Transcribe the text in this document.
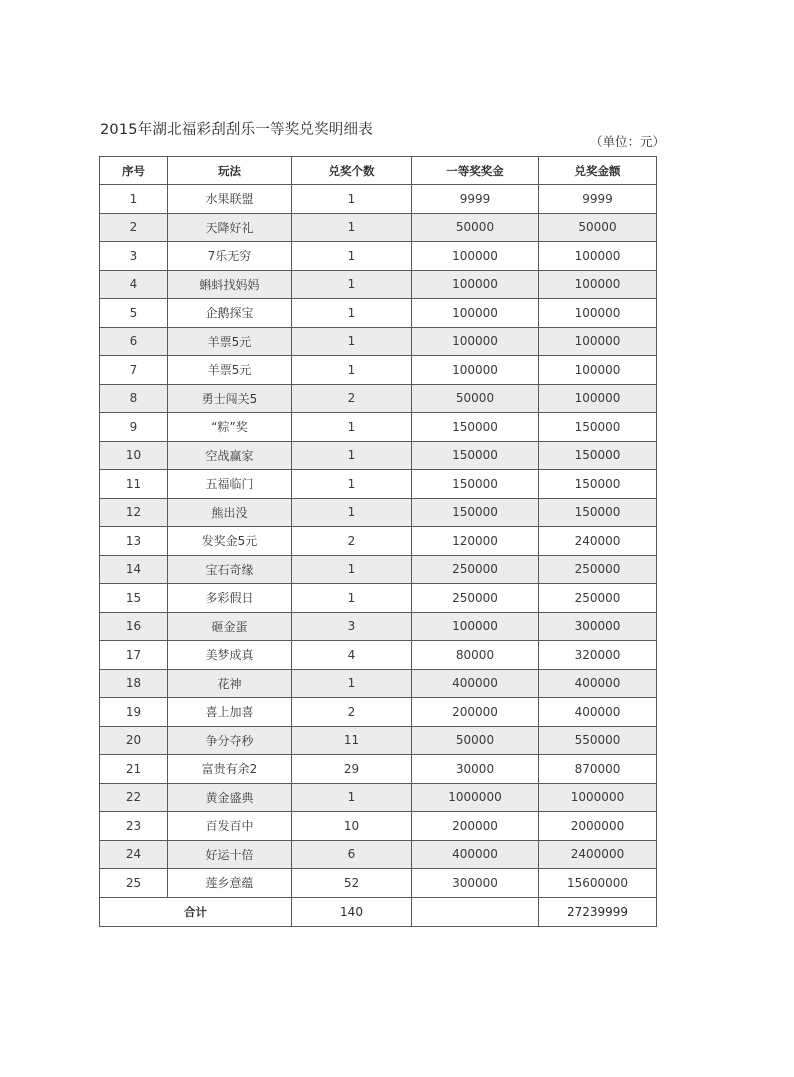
2015年湖北福彩刮刮乐一等奖兑奖明细表
（单位：元）
序号	玩法	兑奖个数	一等奖奖金	兑奖金额
1	水果联盟	1	9999	9999
2	天降好礼	1	50000	50000
3	7乐无穷	1	100000	100000
4	蝌蚪找妈妈	1	100000	100000
5	企鹅探宝	1	100000	100000
6	羊票5元	1	100000	100000
7	羊票5元	1	100000	100000
8	勇士闯关5	2	50000	100000
9	“粽”奖	1	150000	150000
10	空战赢家	1	150000	150000
11	五福临门	1	150000	150000
12	熊出没	1	150000	150000
13	发奖金5元	2	120000	240000
14	宝石奇缘	1	250000	250000
15	多彩假日	1	250000	250000
16	砸金蛋	3	100000	300000
17	美梦成真	4	80000	320000
18	花神	1	400000	400000
19	喜上加喜	2	200000	400000
20	争分夺秒	11	50000	550000
21	富贵有余2	29	30000	870000
22	黄金盛典	1	1000000	1000000
23	百发百中	10	200000	2000000
24	好运十倍	6	400000	2400000
25	莲乡意蕴	52	300000	15600000
合计		140		27239999
